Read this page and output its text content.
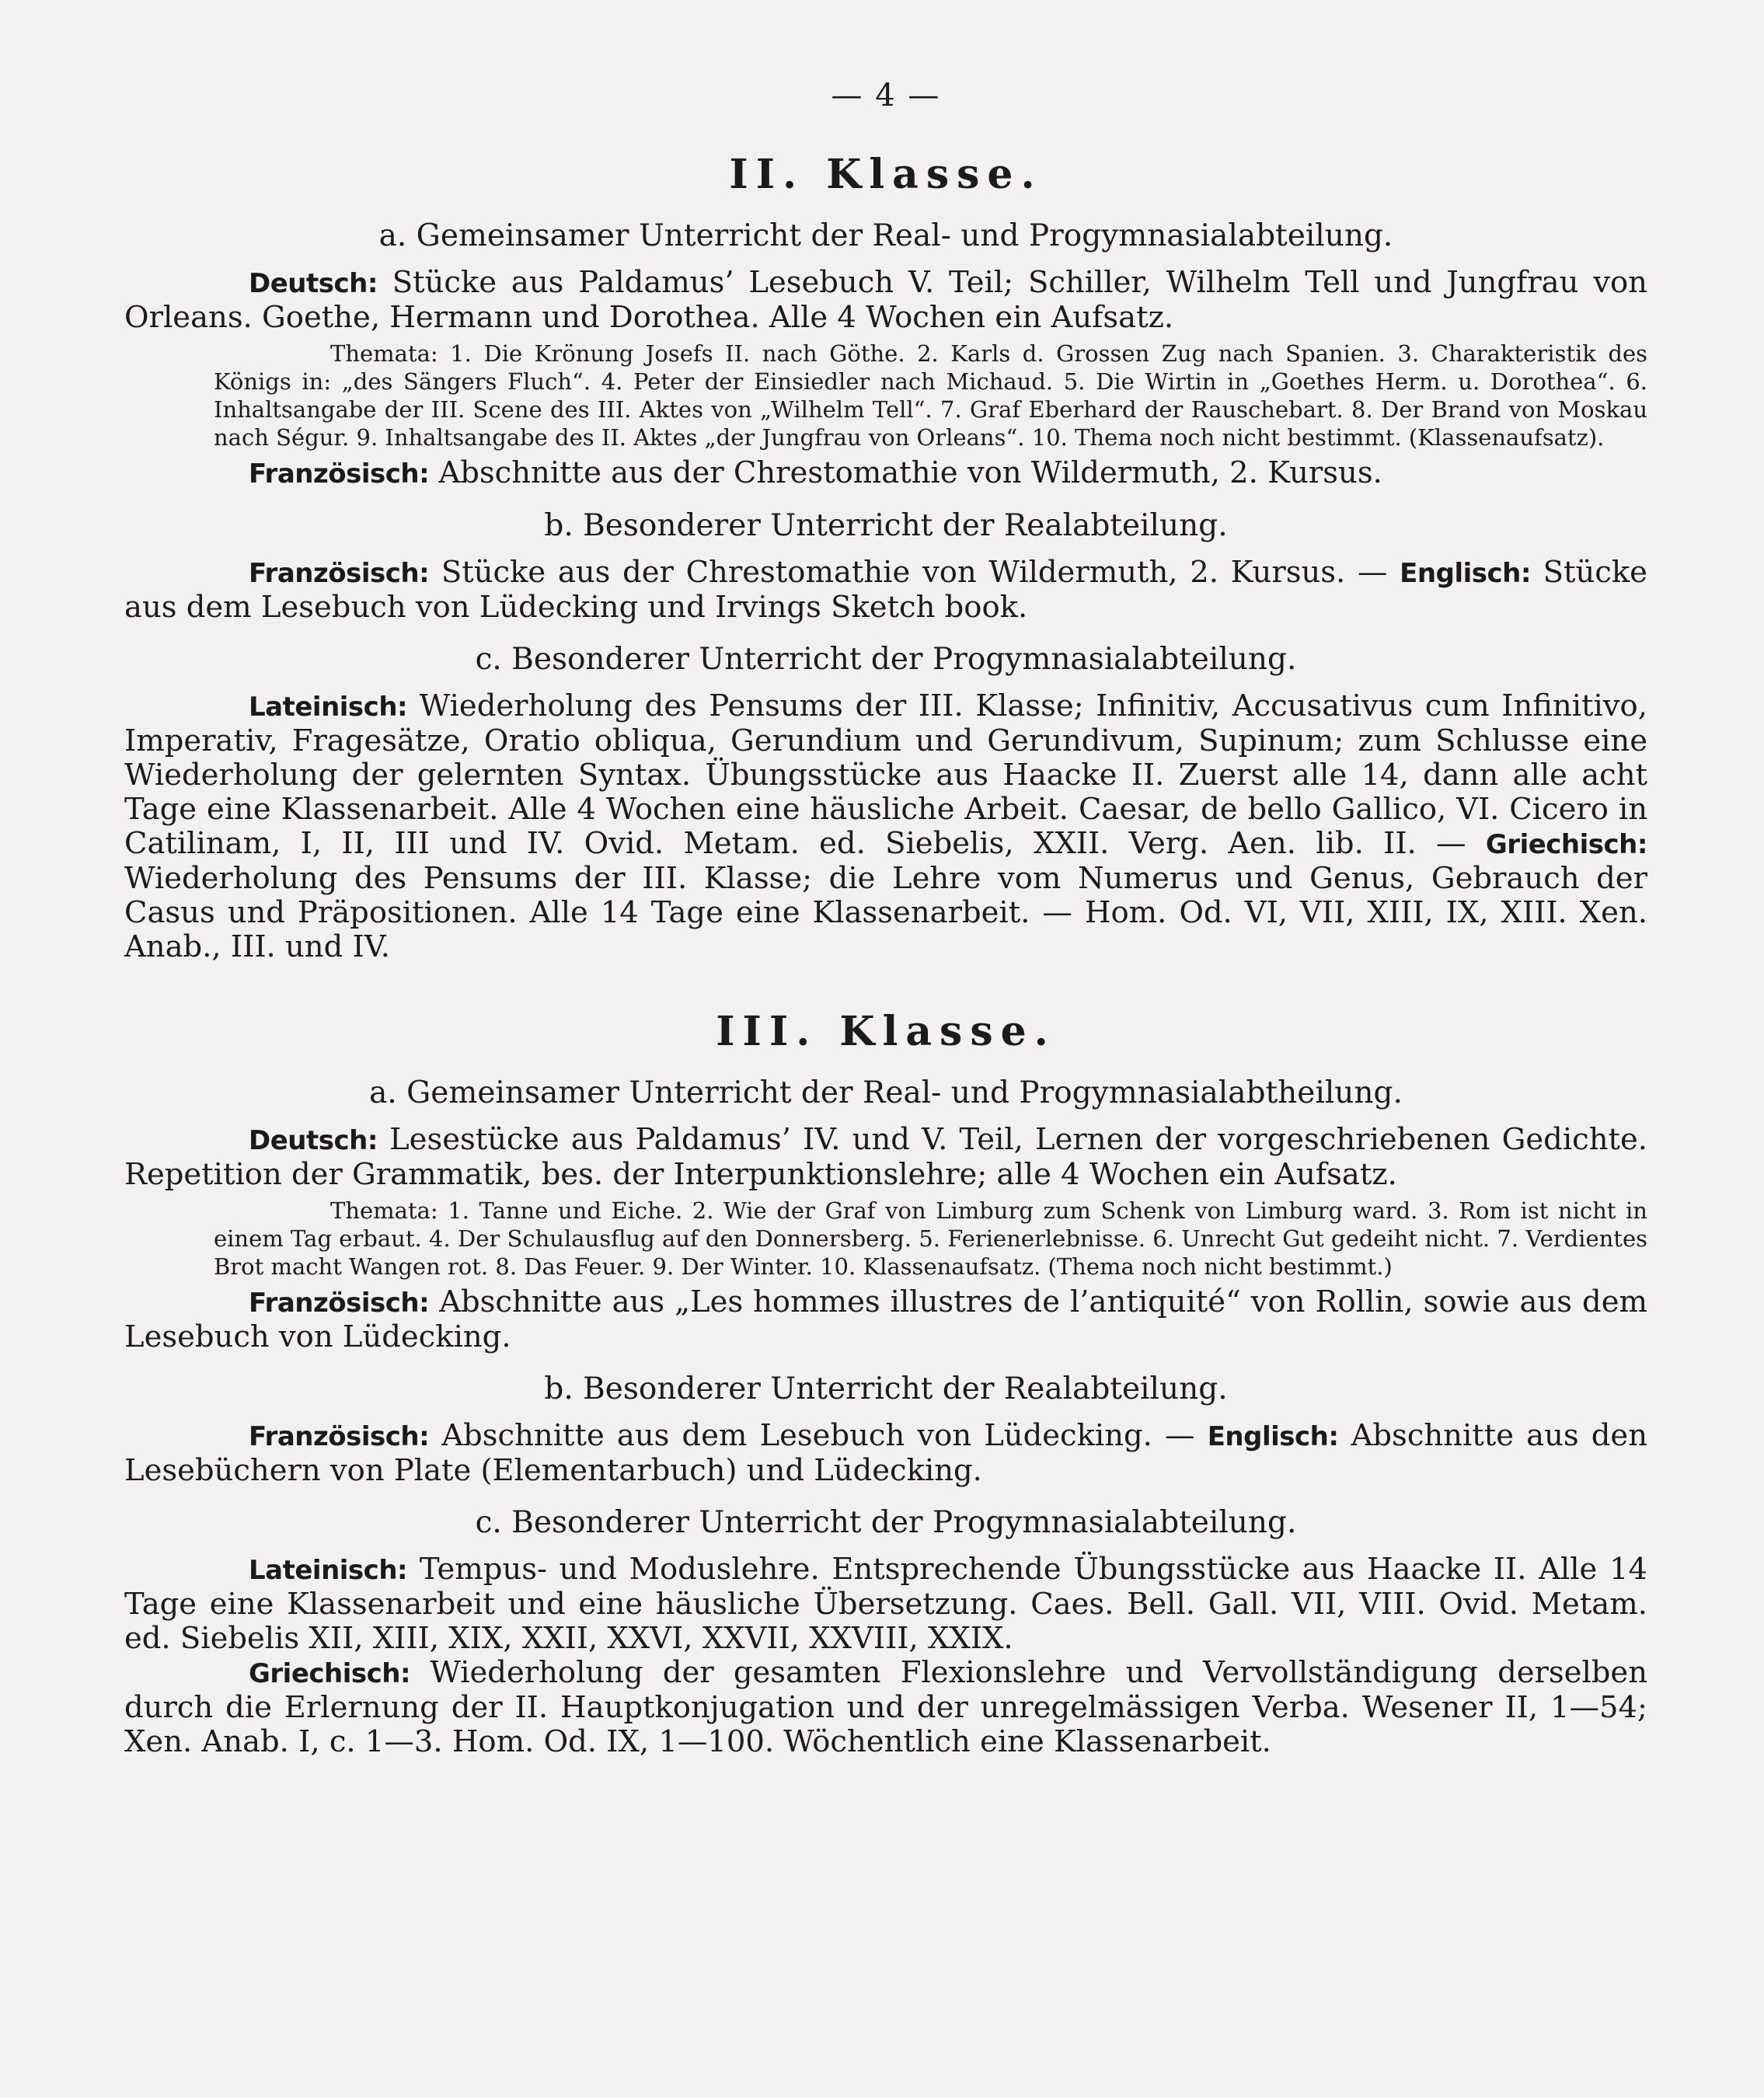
— 4 —
II. Klasse.
a. Gemeinsamer Unterricht der Real- und Progymnasialabteilung.

Deutsch: Stücke aus Paldamus’ Lesebuch V. Teil; Schiller, Wilhelm Tell und Jungfrau von Orleans. Goethe, Hermann und Dorothea. Alle 4 Wochen ein Aufsatz.

Themata: 1. Die Krönung Josefs II. nach Göthe. 2. Karls d. Grossen Zug nach Spanien. 3. Charakteristik des Königs in: „des Sängers Fluch“. 4. Peter der Einsiedler nach Michaud. 5. Die Wirtin in „Goethes Herm. u. Dorothea“. 6. Inhaltsangabe der III. Scene des III. Aktes von „Wilhelm Tell“. 7. Graf Eberhard der Rauschebart. 8. Der Brand von Moskau nach Ségur. 9. Inhaltsangabe des II. Aktes „der Jungfrau von Orleans“. 10. Thema noch nicht bestimmt. (Klassenaufsatz).

Französisch: Abschnitte aus der Chrestomathie von Wildermuth, 2. Kursus.

b. Besonderer Unterricht der Realabteilung.

Französisch: Stücke aus der Chrestomathie von Wildermuth, 2. Kursus. — Englisch: Stücke aus dem Lesebuch von Lüdecking und Irvings Sketch book.

c. Besonderer Unterricht der Progymnasialabteilung.

Lateinisch: Wiederholung des Pensums der III. Klasse; Infinitiv, Accusativus cum Infinitivo, Imperativ, Fragesätze, Oratio obliqua, Gerundium und Gerundivum, Supinum; zum Schlusse eine Wiederholung der gelernten Syntax. Übungsstücke aus Haacke II. Zuerst alle 14, dann alle acht Tage eine Klassenarbeit. Alle 4 Wochen eine häusliche Arbeit. Caesar, de bello Gallico, VI. Cicero in Catilinam, I, II, III und IV. Ovid. Metam. ed. Siebelis, XXII. Verg. Aen. lib. II. — Griechisch: Wiederholung des Pensums der III. Klasse; die Lehre vom Numerus und Genus, Gebrauch der Casus und Präpositionen. Alle 14 Tage eine Klassenarbeit. — Hom. Od. VI, VII, XIII, IX, XIII. Xen. Anab., III. und IV.

III. Klasse.
a. Gemeinsamer Unterricht der Real- und Progymnasialabtheilung.

Deutsch: Lesestücke aus Paldamus’ IV. und V. Teil, Lernen der vorgeschriebenen Gedichte. Repetition der Grammatik, bes. der Interpunktionslehre; alle 4 Wochen ein Aufsatz.

Themata: 1. Tanne und Eiche. 2. Wie der Graf von Limburg zum Schenk von Limburg ward. 3. Rom ist nicht in einem Tag erbaut. 4. Der Schulausflug auf den Donnersberg. 5. Ferienerlebnisse. 6. Unrecht Gut gedeiht nicht. 7. Verdientes Brot macht Wangen rot. 8. Das Feuer. 9. Der Winter. 10. Klassenaufsatz. (Thema noch nicht bestimmt.)

Französisch: Abschnitte aus „Les hommes illustres de l’antiquité“ von Rollin, sowie aus dem Lesebuch von Lüdecking.

b. Besonderer Unterricht der Realabteilung.

Französisch: Abschnitte aus dem Lesebuch von Lüdecking. — Englisch: Abschnitte aus den Lesebüchern von Plate (Elementarbuch) und Lüdecking.

c. Besonderer Unterricht der Progymnasialabteilung.

Lateinisch: Tempus- und Moduslehre. Entsprechende Übungsstücke aus Haacke II. Alle 14 Tage eine Klassenarbeit und eine häusliche Übersetzung. Caes. Bell. Gall. VII, VIII. Ovid. Metam. ed. Siebelis XII, XIII, XIX, XXII, XXVI, XXVII, XXVIII, XXIX.

Griechisch: Wiederholung der gesamten Flexionslehre und Vervollständigung derselben durch die Erlernung der II. Hauptkonjugation und der unregelmässigen Verba. Wesener II, 1—54; Xen. Anab. I, c. 1—3. Hom. Od. IX, 1—100. Wöchentlich eine Klassenarbeit.
